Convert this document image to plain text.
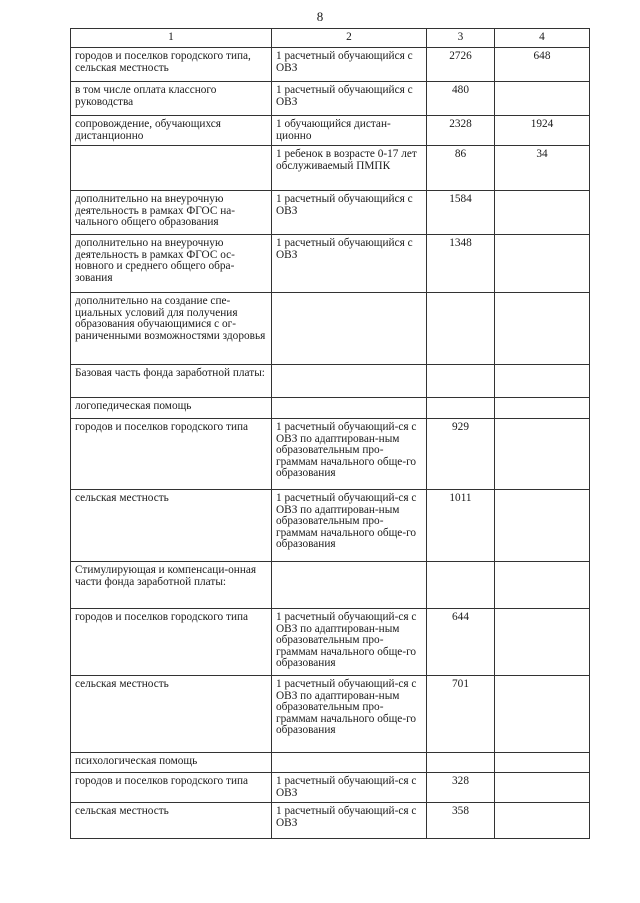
8
1	2	3	4
городов и поселков городского типа, сельская местность	1 расчетный обучающийся с ОВЗ	2726	648
в том числе оплата классного руководства	1 расчетный обучающийся с ОВЗ	480	
сопровождение, обучающихся дистанционно	1 обучающийся дистан-ционно	2328	1924
	1 ребенок в возрасте 0-17 лет обслуживаемый ПМПК	86	34
дополнительно на внеурочную деятельность в рамках ФГОС на-чального общего образования	1 расчетный обучающийся с ОВЗ	1584	
дополнительно на внеурочную деятельность в рамках ФГОС ос-новного и среднего общего обра-зования	1 расчетный обучающийся с ОВЗ	1348	
дополнительно на создание спе-циальных условий для получения образования обучающимися с ог-раниченными возможностями здоровья			
Базовая часть фонда заработной платы:			
логопедическая помощь			
городов и поселков городского типа	1 расчетный обучающий-ся с ОВЗ по адаптирован-ным образовательным про-граммам начального обще-го образования	929	
сельская местность	1 расчетный обучающий-ся с ОВЗ по адаптирован-ным образовательным про-граммам начального обще-го образования	1011	
Стимулирующая и компенсаци-онная части фонда заработной платы:			
городов и поселков городского типа	1 расчетный обучающий-ся с ОВЗ по адаптирован-ным образовательным про-граммам начального обще-го образования	644	
сельская местность	1 расчетный обучающий-ся с ОВЗ по адаптирован-ным образовательным про-граммам начального обще-го образования	701	
психологическая помощь			
городов и поселков городского типа	1 расчетный обучающий-ся с ОВЗ	328	
сельская местность	1 расчетный обучающий-ся с ОВЗ	358	
